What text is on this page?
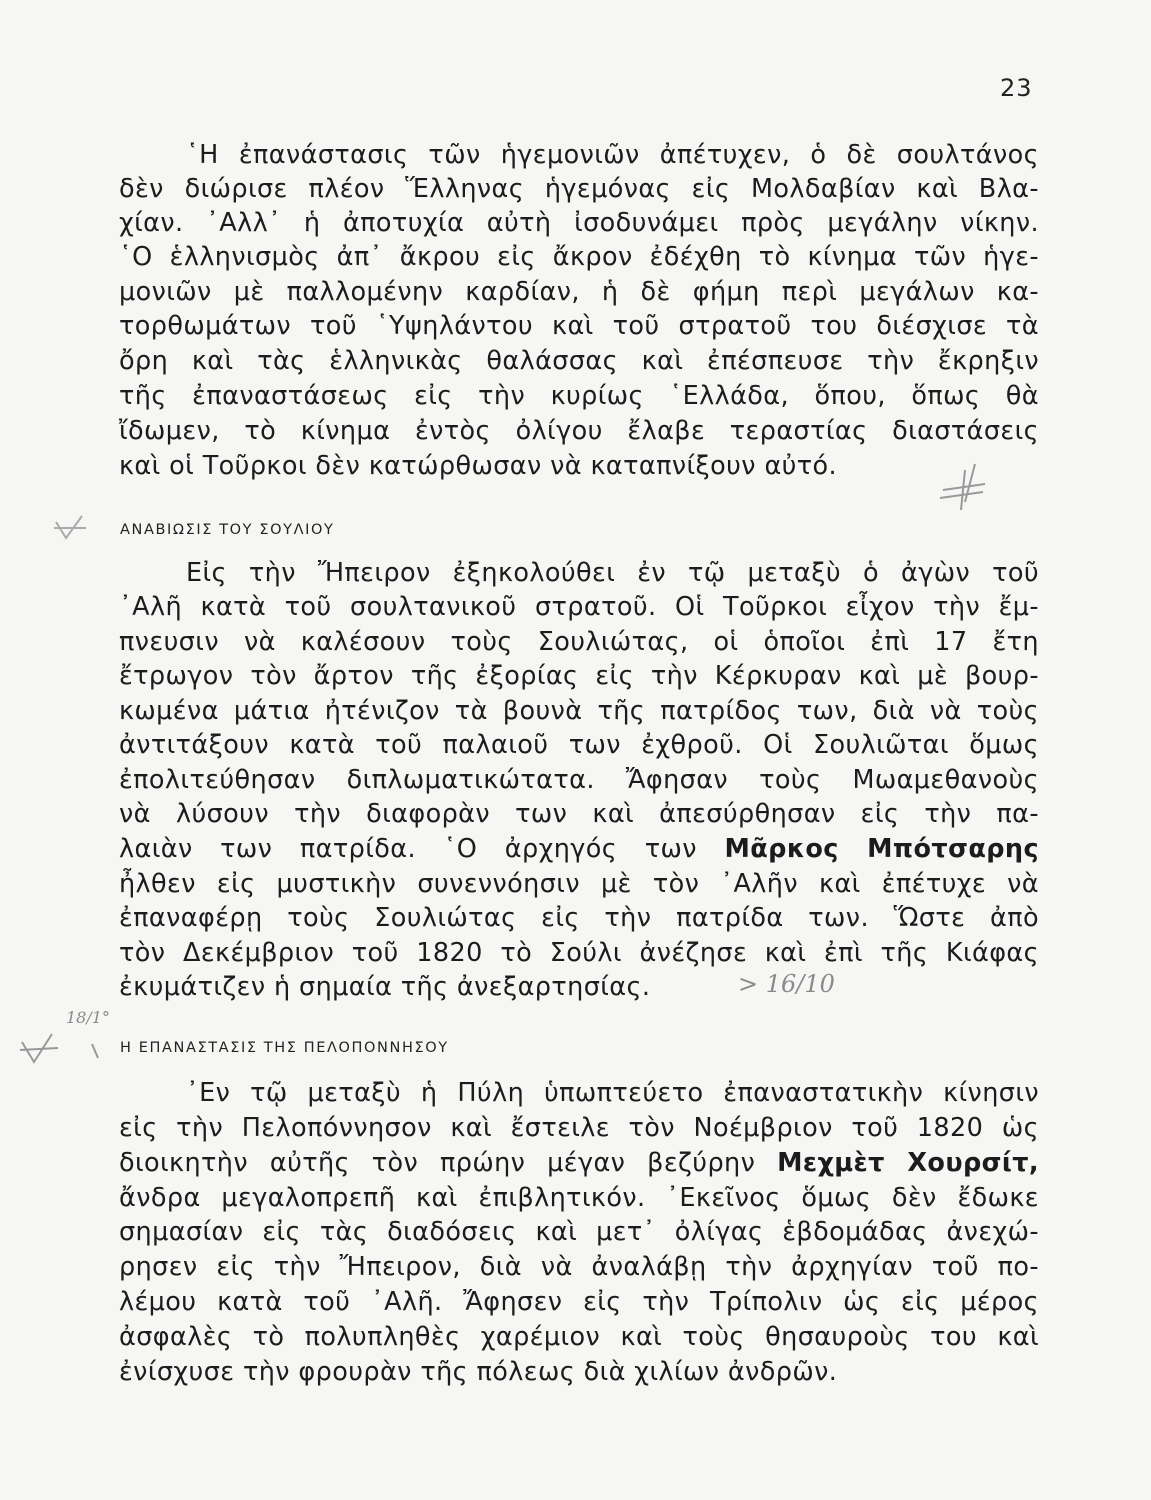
23
῾Η ἐπανάστασις τῶν ἡγεμονιῶν ἀπέτυχεν, ὁ δὲ σουλτάνος
δὲν διώρισε πλέον Ἕλληνας ἡγεμόνας εἰς Μολδαβίαν καὶ Βλα-
χίαν. ᾿Αλλ᾿ ἡ ἀποτυχία αὐτὴ ἰσοδυνάμει πρὸς μεγάλην νίκην.
῾Ο ἑλληνισμὸς ἀπ᾿ ἄκρου εἰς ἄκρον ἐδέχθη τὸ κίνημα τῶν ἡγε-
μονιῶν μὲ παλλομένην καρδίαν, ἡ δὲ φήμη περὶ μεγάλων κα-
τορθωμάτων τοῦ ῾Υψηλάντου καὶ τοῦ στρατοῦ του διέσχισε τὰ
ὄρη καὶ τὰς ἑλληνικὰς θαλάσσας καὶ ἐπέσπευσε τὴν ἔκρηξιν
τῆς ἐπαναστάσεως εἰς τὴν κυρίως ῾Ελλάδα, ὅπου, ὅπως θὰ
ἴδωμεν, τὸ κίνημα ἐντὸς ὀλίγου ἔλαβε τεραστίας διαστάσεις
καὶ οἱ Τοῦρκοι δὲν κατώρθωσαν νὰ καταπνίξουν αὐτό.
ΑΝΑΒΙΩΣΙΣ ΤΟΥ ΣΟΥΛΙΟΥ
Εἰς τὴν Ἤπειρον ἐξηκολούθει ἐν τῷ μεταξὺ ὁ ἀγὼν τοῦ
᾿Αλῆ κατὰ τοῦ σουλτανικοῦ στρατοῦ. Οἱ Τοῦρκοι εἶχον τὴν ἔμ-
πνευσιν νὰ καλέσουν τοὺς Σουλιώτας, οἱ ὁποῖοι ἐπὶ 17 ἔτη
ἔτρωγον τὸν ἄρτον τῆς ἐξορίας εἰς τὴν Κέρκυραν καὶ μὲ βουρ-
κωμένα μάτια ἠτένιζον τὰ βουνὰ τῆς πατρίδος των, διὰ νὰ τοὺς
ἀντιτάξουν κατὰ τοῦ παλαιοῦ των ἐχθροῦ. Οἱ Σουλιῶται ὅμως
ἐπολιτεύθησαν διπλωματικώτατα. Ἄφησαν τοὺς Μωαμεθανοὺς
νὰ λύσουν τὴν διαφορὰν των καὶ ἀπεσύρθησαν εἰς τὴν πα-
λαιὰν των πατρίδα. ῾Ο ἀρχηγός των Μᾶρκος Μπότσαρης
ἦλθεν εἰς μυστικὴν συνεννόησιν μὲ τὸν ᾿Αλῆν καὶ ἐπέτυχε νὰ
ἐπαναφέρῃ τοὺς Σουλιώτας εἰς τὴν πατρίδα των. Ὥστε ἀπὸ
τὸν Δεκέμβριον τοῦ 1820 τὸ Σούλι ἀνέζησε καὶ ἐπὶ τῆς Κιάφας
ἐκυμάτιζεν ἡ σημαία τῆς ἀνεξαρτησίας.	> 16/10
18/1°
Η ΕΠΑΝΑΣΤΑΣΙΣ ΤΗΣ ΠΕΛΟΠΟΝΝΗΣΟΥ
᾿Εν τῷ μεταξὺ ἡ Πύλη ὑπωπτεύετο ἐπαναστατικὴν κίνησιν
εἰς τὴν Πελοπόννησον καὶ ἔστειλε τὸν Νοέμβριον τοῦ 1820 ὡς
διοικητὴν αὐτῆς τὸν πρώην μέγαν βεζύρην Μεχμὲτ Χουρσίτ,
ἄνδρα μεγαλοπρεπῆ καὶ ἐπιβλητικόν. ᾿Εκεῖνος ὅμως δὲν ἔδωκε
σημασίαν εἰς τὰς διαδόσεις καὶ μετ᾿ ὀλίγας ἑβδομάδας ἀνεχώ-
ρησεν εἰς τὴν Ἤπειρον, διὰ νὰ ἀναλάβῃ τὴν ἀρχηγίαν τοῦ πο-
λέμου κατὰ τοῦ ᾿Αλῆ. Ἄφησεν εἰς τὴν Τρίπολιν ὡς εἰς μέρος
ἀσφαλὲς τὸ πολυπληθὲς χαρέμιον καὶ τοὺς θησαυροὺς του καὶ
ἐνίσχυσε τὴν φρουρὰν τῆς πόλεως διὰ χιλίων ἀνδρῶν.
